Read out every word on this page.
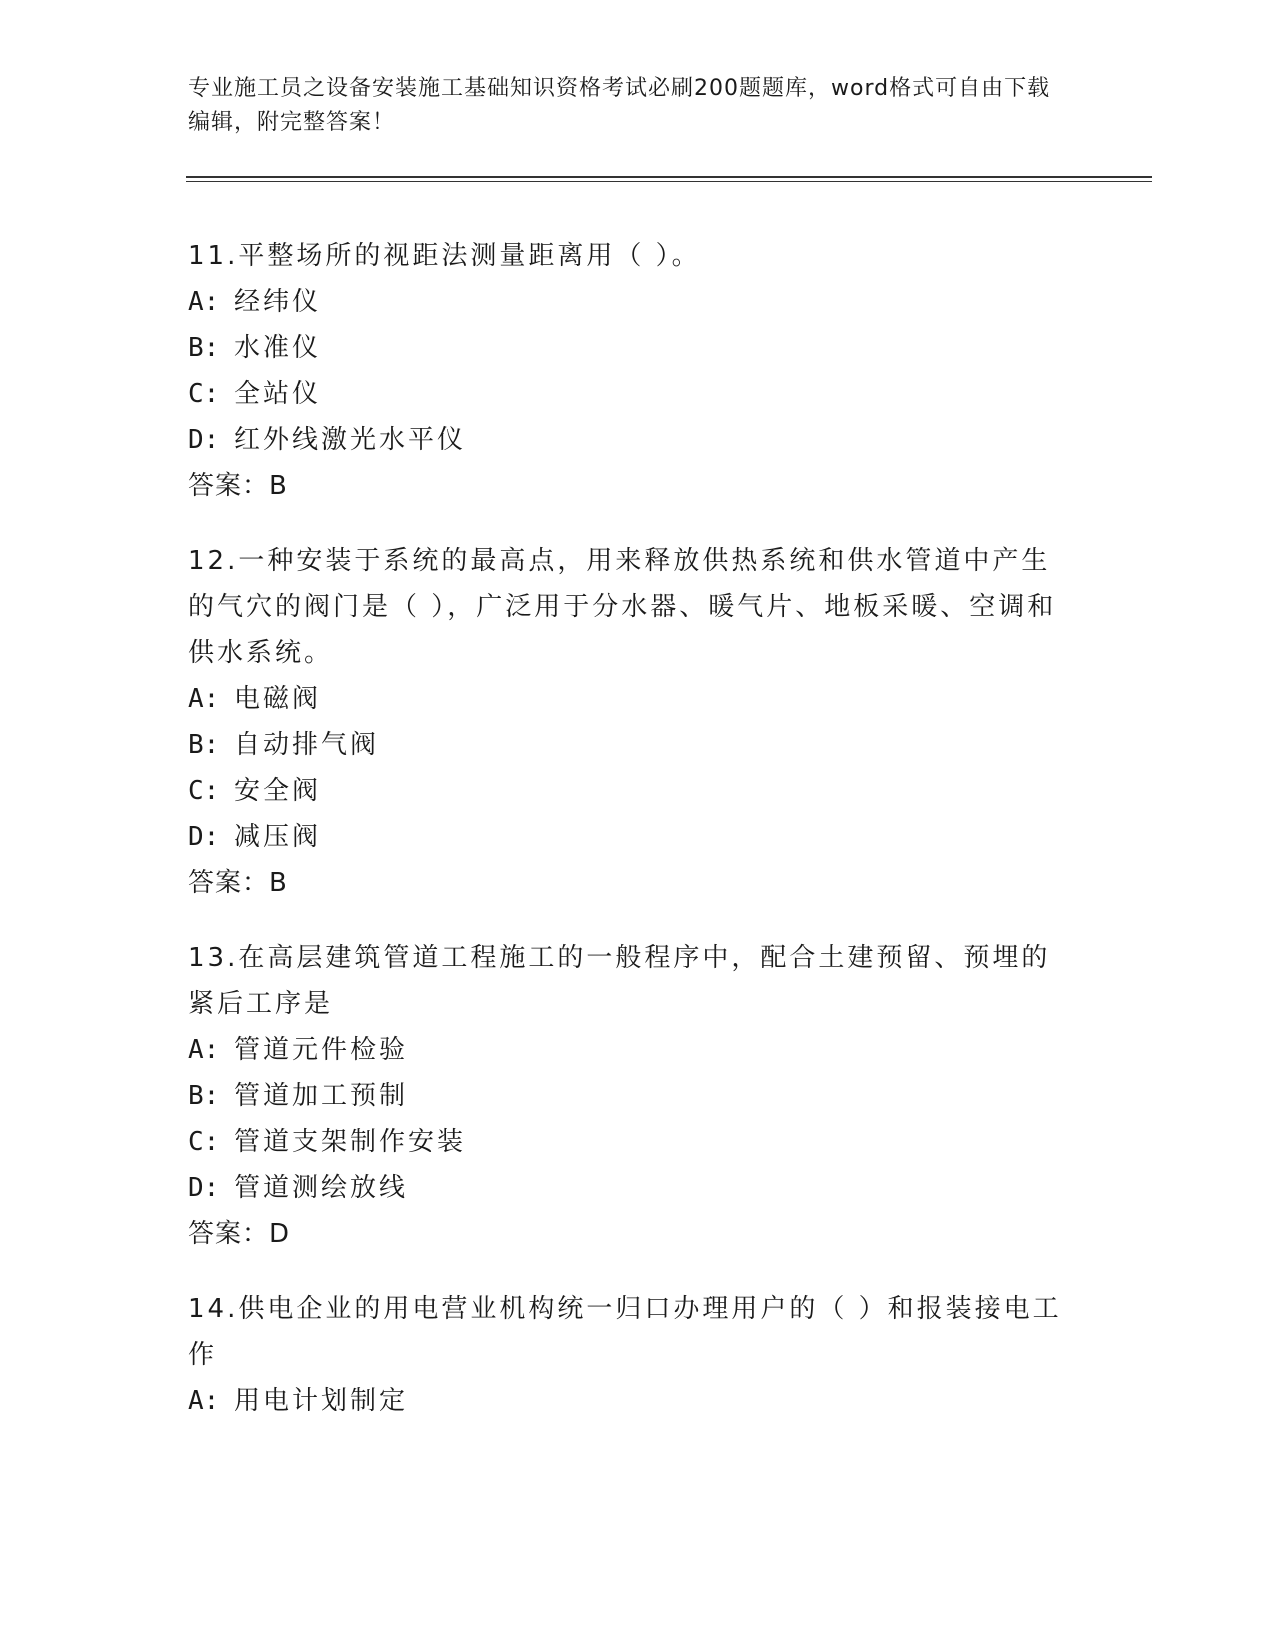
专业施工员之设备安装施工基础知识资格考试必刷200题题库，word格式可自由下载编辑，附完整答案！

11.平整场所的视距法测量距离用（ ）。

A: 经纬仪

B: 水准仪

C: 全站仪

D: 红外线激光水平仪

答案：B

12.一种安装于系统的最高点，用来释放供热系统和供水管道中产生的气穴的阀门是（ ），广泛用于分水器、暖气片、地板采暖、空调和供水系统。

A: 电磁阀

B: 自动排气阀

C: 安全阀

D: 减压阀

答案：B

13.在高层建筑管道工程施工的一般程序中，配合土建预留、预埋的紧后工序是

A: 管道元件检验

B: 管道加工预制

C: 管道支架制作安装

D: 管道测绘放线

答案：D

14.供电企业的用电营业机构统一归口办理用户的（ ）和报装接电工作

A: 用电计划制定
